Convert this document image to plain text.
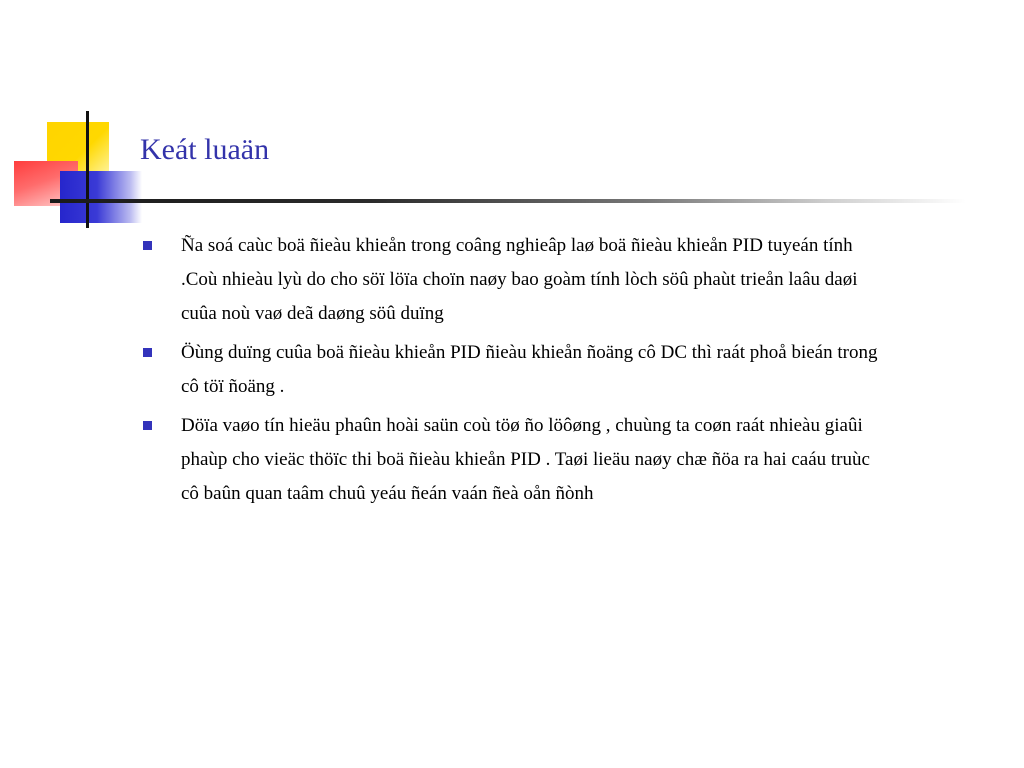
Keát luaän
Ña soá caùc boä ñieàu khieån trong coâng nghieâp laø boä ñieàu khieån PID tuyeán tính
.Coù nhieàu lyù do cho söï löïa choïn naøy bao goàm tính lòch söû phaùt trieån laâu daøi
cuûa noù vaø deã daøng söû duïng
Öùng duïng cuûa boä ñieàu khieån PID ñieàu khieån ñoäng cô DC thì raát phoå bieán trong
cô töï ñoäng .
Döïa vaøo tín hieäu phaûn hoài saün coù töø ño löôøng , chuùng ta coøn raát nhieàu giaûi
phaùp cho vieäc thöïc thi boä ñieàu khieån PID . Taøi lieäu naøy chæ ñöa ra hai caáu truùc
cô baûn quan taâm chuû yeáu ñeán vaán ñeà oån ñònh
